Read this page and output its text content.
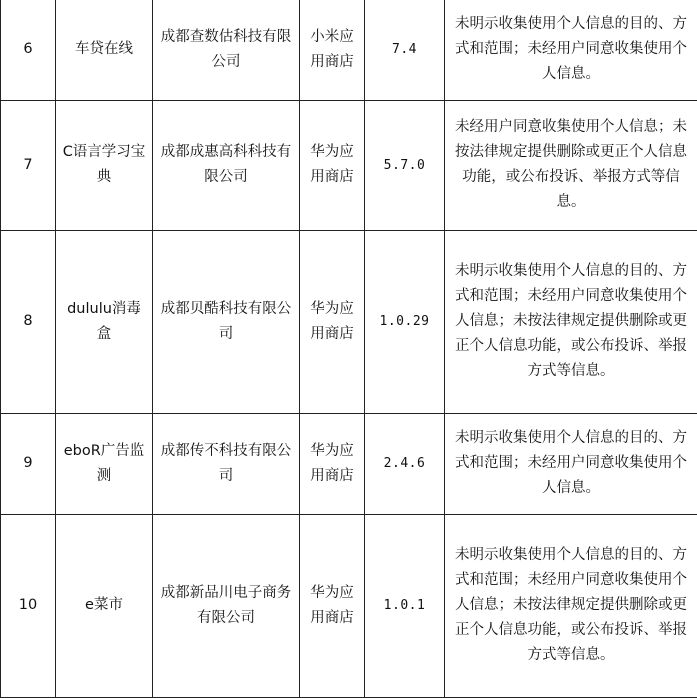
6	车贷在线	成都查数估科技有限公司	小米应用商店	7.4	未明示收集使用个人信息的目的、方式和范围；未经用户同意收集使用个人信息。
7	C语言学习宝典	成都成惠高科科技有限公司	华为应用商店	5.7.0	未经用户同意收集使用个人信息；未按法律规定提供删除或更正个人信息功能，或公布投诉、举报方式等信息。
8	dululu消毒盒	成都贝酷科技有限公司	华为应用商店	1.0.29	未明示收集使用个人信息的目的、方式和范围；未经用户同意收集使用个人信息；未按法律规定提供删除或更正个人信息功能，或公布投诉、举报方式等信息。
9	eboR广告监测	成都传不科技有限公司	华为应用商店	2.4.6	未明示收集使用个人信息的目的、方式和范围；未经用户同意收集使用个人信息。
10	e菜市	成都新品川电子商务有限公司	华为应用商店	1.0.1	未明示收集使用个人信息的目的、方式和范围；未经用户同意收集使用个人信息；未按法律规定提供删除或更正个人信息功能，或公布投诉、举报方式等信息。
